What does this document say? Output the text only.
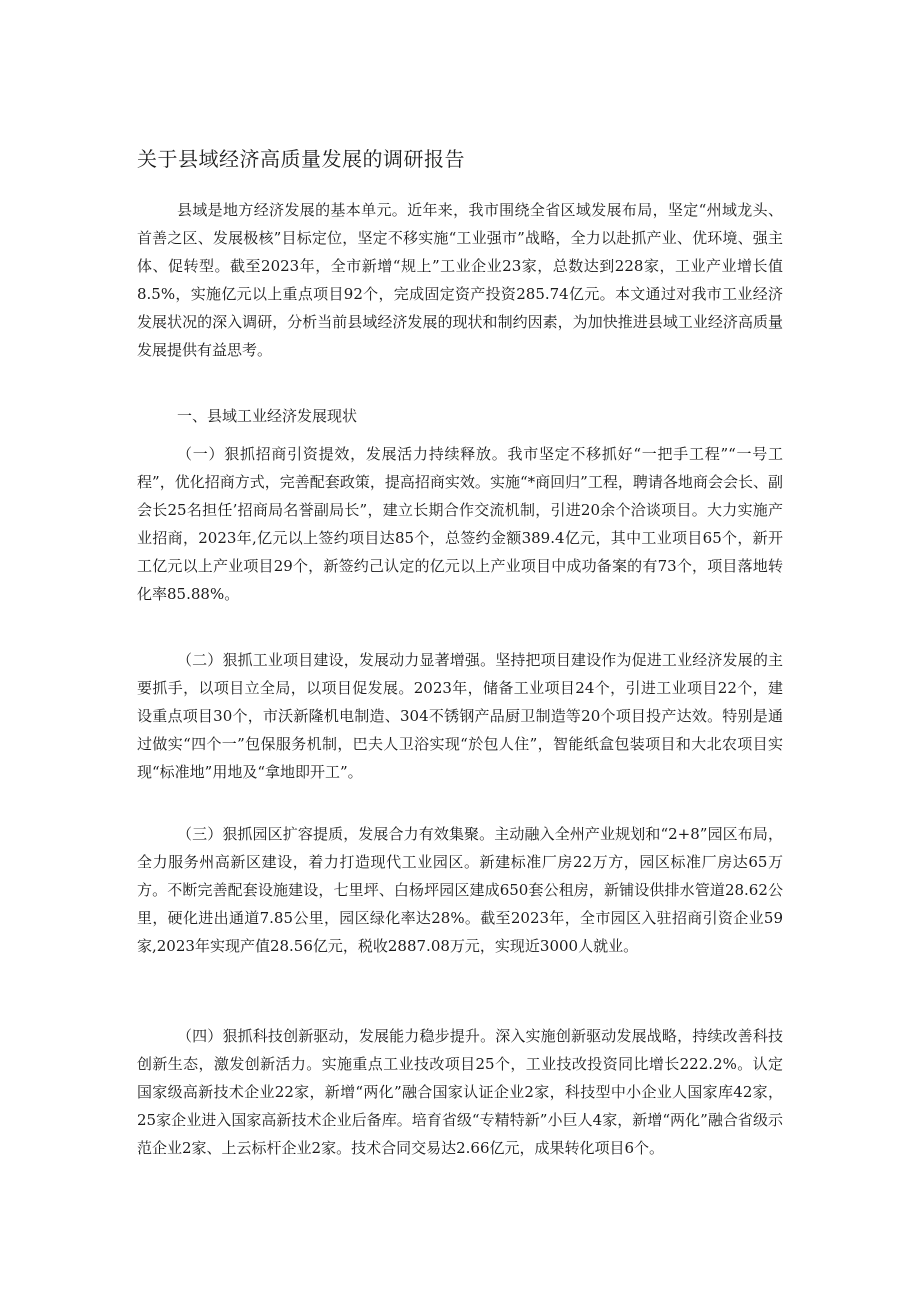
关于县域经济高质量发展的调研报告

县域是地方经济发展的基本单元。近年来，我市围绕全省区域发展布局，坚定“州域龙头、首善之区、发展极核”目标定位，坚定不移实施“工业强市”战略，全力以赴抓产业、优环境、强主体、促转型。截至2023年，全市新增“规上”工业企业23家，总数达到228家，工业产业增长值8.5%，实施亿元以上重点项目92个，完成固定资产投资285.74亿元。本文通过对我市工业经济发展状况的深入调研，分析当前县域经济发展的现状和制约因素，为加快推进县域工业经济高质量发展提供有益思考。

一、县域工业经济发展现状

（一）狠抓招商引资提效，发展活力持续释放。我市坚定不移抓好“一把手工程”“一号工程”，优化招商方式，完善配套政策，提高招商实效。实施“*商回归”工程，聘请各地商会会长、副会长25名担任’招商局名誉副局长”，建立长期合作交流机制，引进20余个洽谈项目。大力实施产业招商，2023年,亿元以上签约项目达85个，总签约金额389.4亿元，其中工业项目65个，新开工亿元以上产业项目29个，新签约己认定的亿元以上产业项目中成功备案的有73个，项目落地转化率85.88%。

（二）狠抓工业项目建设，发展动力显著增强。坚持把项目建设作为促进工业经济发展的主要抓手，以项目立全局，以项目促发展。2023年，储备工业项目24个，引进工业项目22个，建设重点项目30个，市沃新隆机电制造、304不锈钢产品厨卫制造等20个项目投产达效。特别是通过做实“四个一”包保服务机制，巴夫人卫浴实现“於包人住”，智能纸盒包装项目和大北农项目实现“标准地”用地及“拿地即开工”。

（三）狠抓园区扩容提质，发展合力有效集聚。主动融入全州产业规划和“2+8”园区布局，全力服务州高新区建设，着力打造现代工业园区。新建标准厂房22万方，园区标准厂房达65万方。不断完善配套设施建设，七里坪、白杨坪园区建成650套公租房，新铺设供排水管道28.62公里，硬化进出通道7.85公里，园区绿化率达28%。截至2023年，全市园区入驻招商引资企业59家,2023年实现产值28.56亿元，税收2887.08万元，实现近3000人就业。

（四）狠抓科技创新驱动，发展能力稳步提升。深入实施创新驱动发展战略，持续改善科技创新生态，激发创新活力。实施重点工业技改项目25个，工业技改投资同比增长222.2%。认定国家级高新技术企业22家，新增“两化”融合国家认证企业2家，科技型中小企业人国家库42家，25家企业进入国家高新技术企业后备库。培育省级“专精特新”小巨人4家，新增“两化”融合省级示范企业2家、上云标杆企业2家。技术合同交易达2.66亿元，成果转化项目6个。
